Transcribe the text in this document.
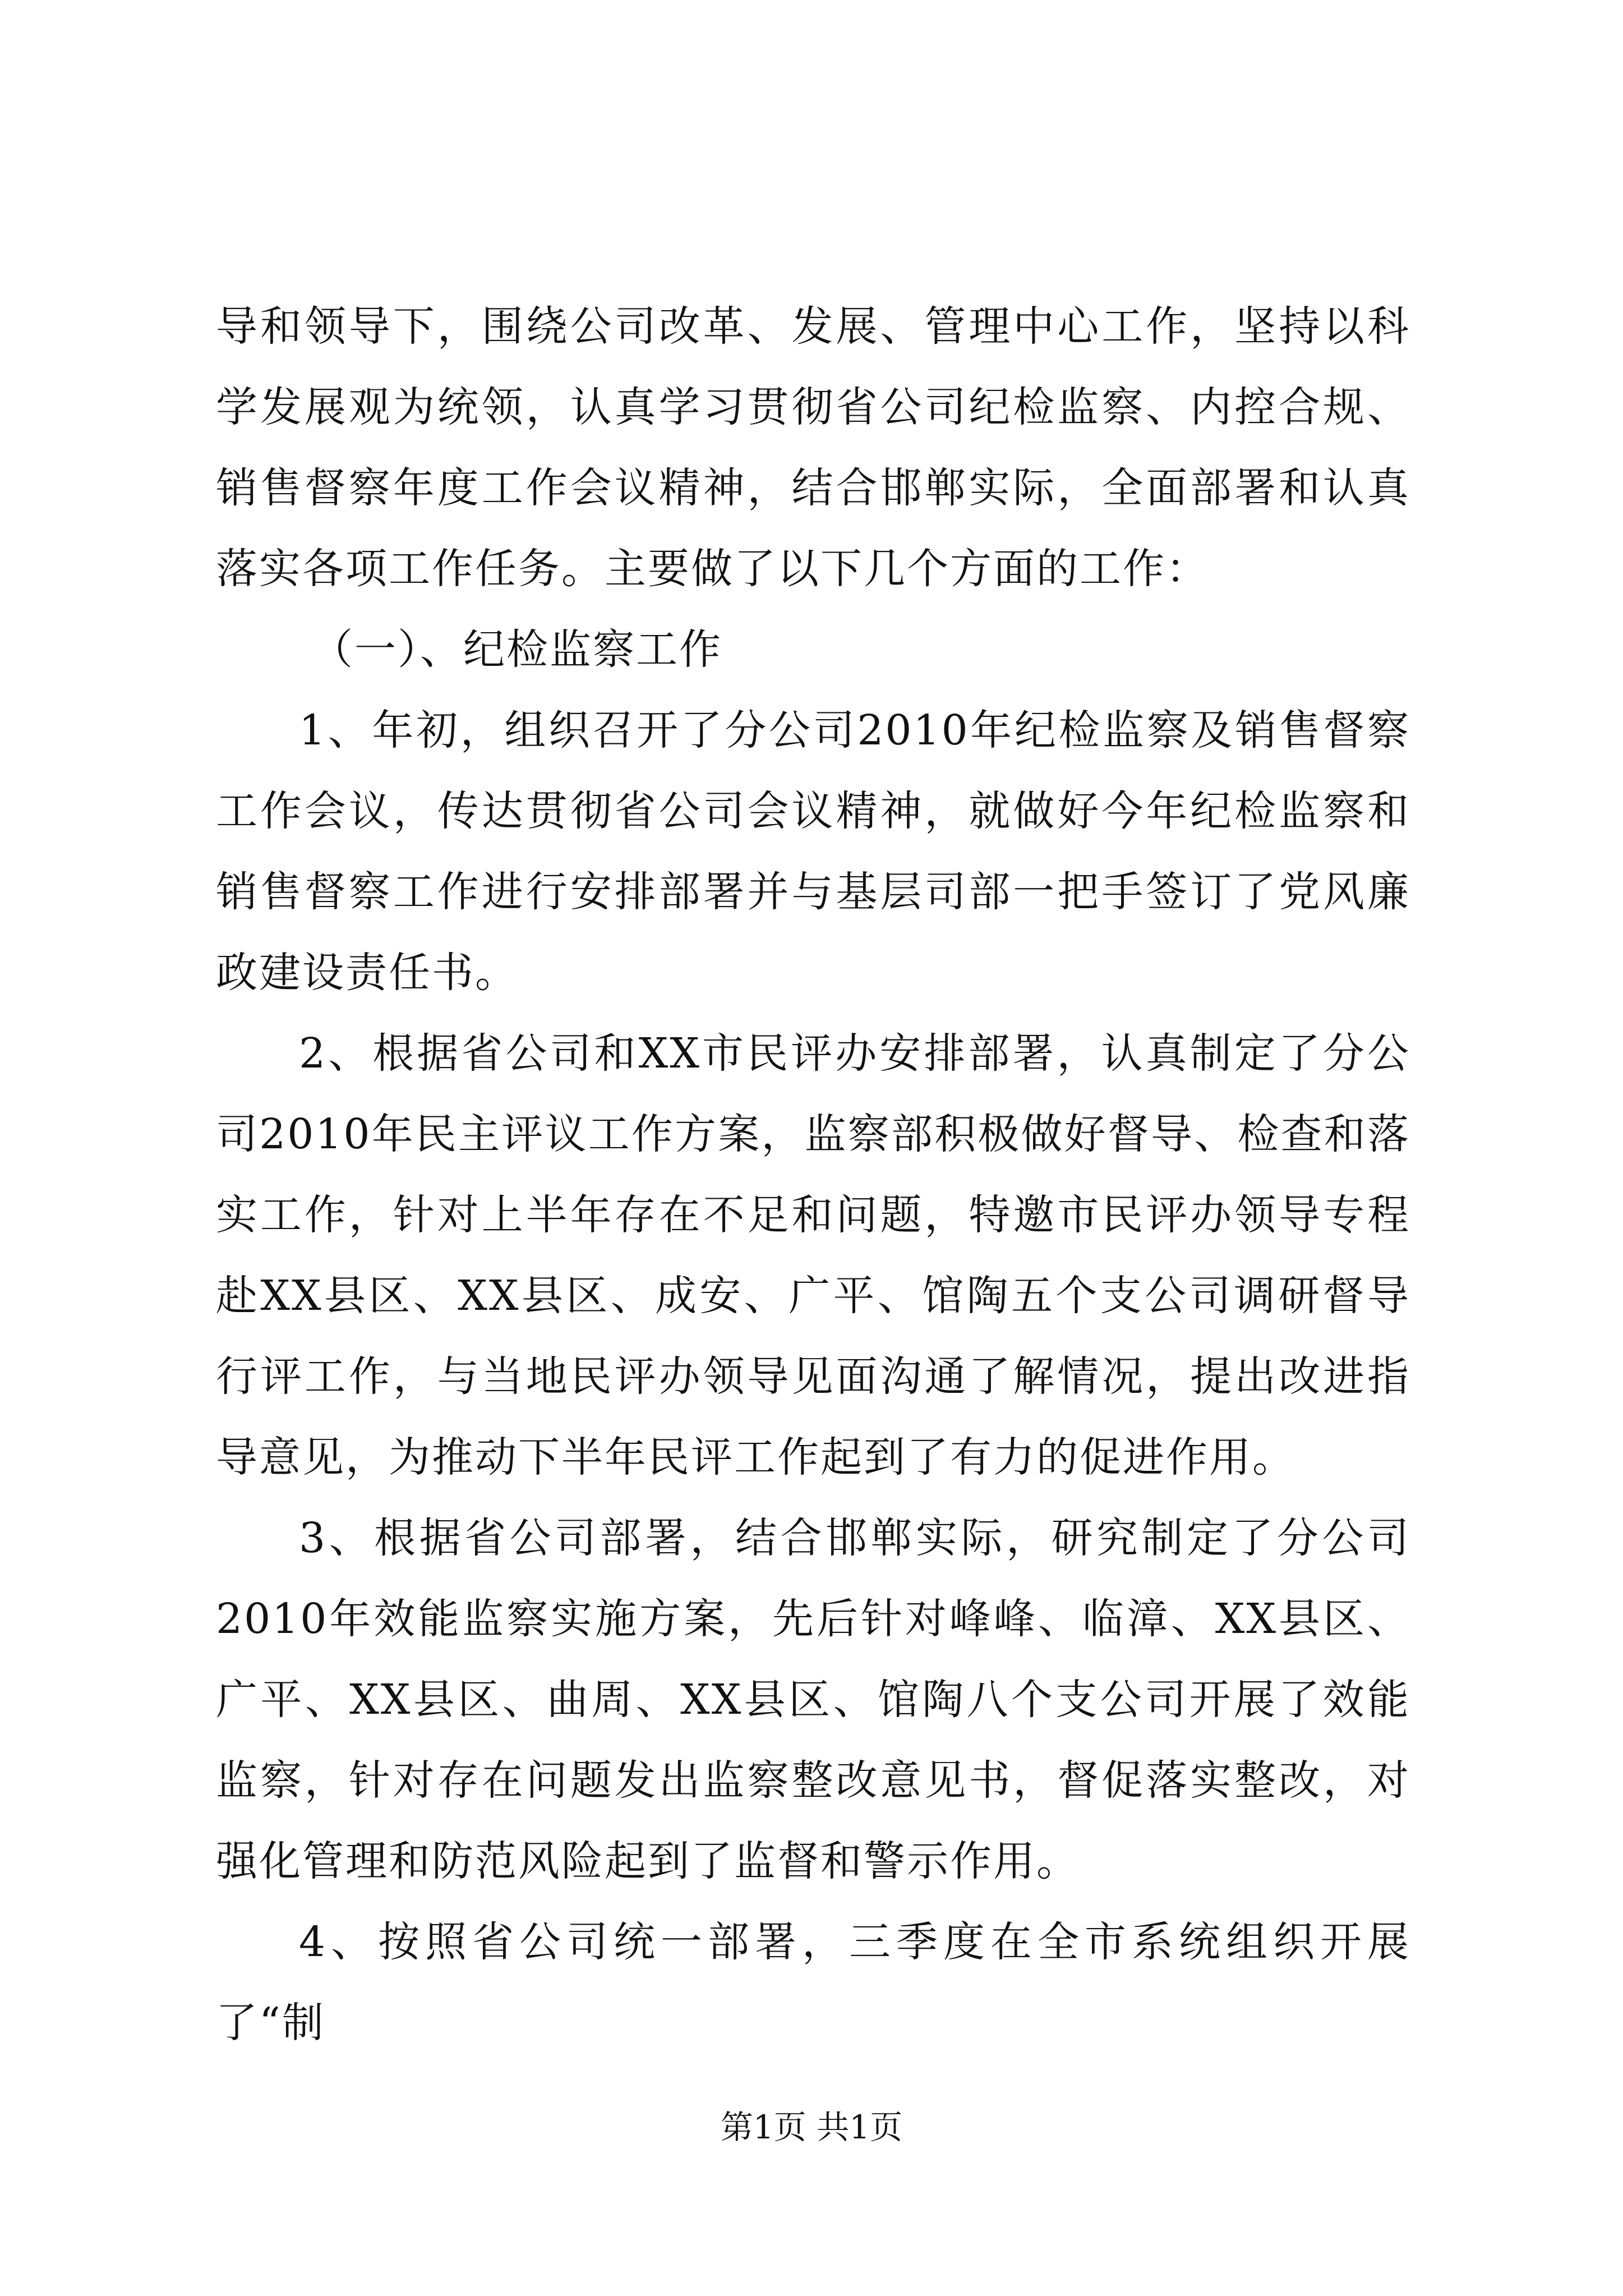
导和领导下，围绕公司改革、发展、管理中心工作，坚持以科学发展观为统领，认真学习贯彻省公司纪检监察、内控合规、销售督察年度工作会议精神，结合邯郸实际，全面部署和认真落实各项工作任务。主要做了以下几个方面的工作：

（一）、纪检监察工作

1、年初，组织召开了分公司2010年纪检监察及销售督察工作会议，传达贯彻省公司会议精神，就做好今年纪检监察和销售督察工作进行安排部署并与基层司部一把手签订了党风廉政建设责任书。

2、根据省公司和XX市民评办安排部署，认真制定了分公司2010年民主评议工作方案，监察部积极做好督导、检查和落实工作，针对上半年存在不足和问题，特邀市民评办领导专程赴XX县区、XX县区、成安、广平、馆陶五个支公司调研督导行评工作，与当地民评办领导见面沟通了解情况，提出改进指导意见，为推动下半年民评工作起到了有力的促进作用。

3、根据省公司部署，结合邯郸实际，研究制定了分公司2010年效能监察实施方案，先后针对峰峰、临漳、XX县区、广平、XX县区、曲周、XX县区、馆陶八个支公司开展了效能监察，针对存在问题发出监察整改意见书，督促落实整改，对强化管理和防范风险起到了监督和警示作用。

4、按照省公司统一部署，三季度在全市系统组织开展了“制

第1页 共1页
